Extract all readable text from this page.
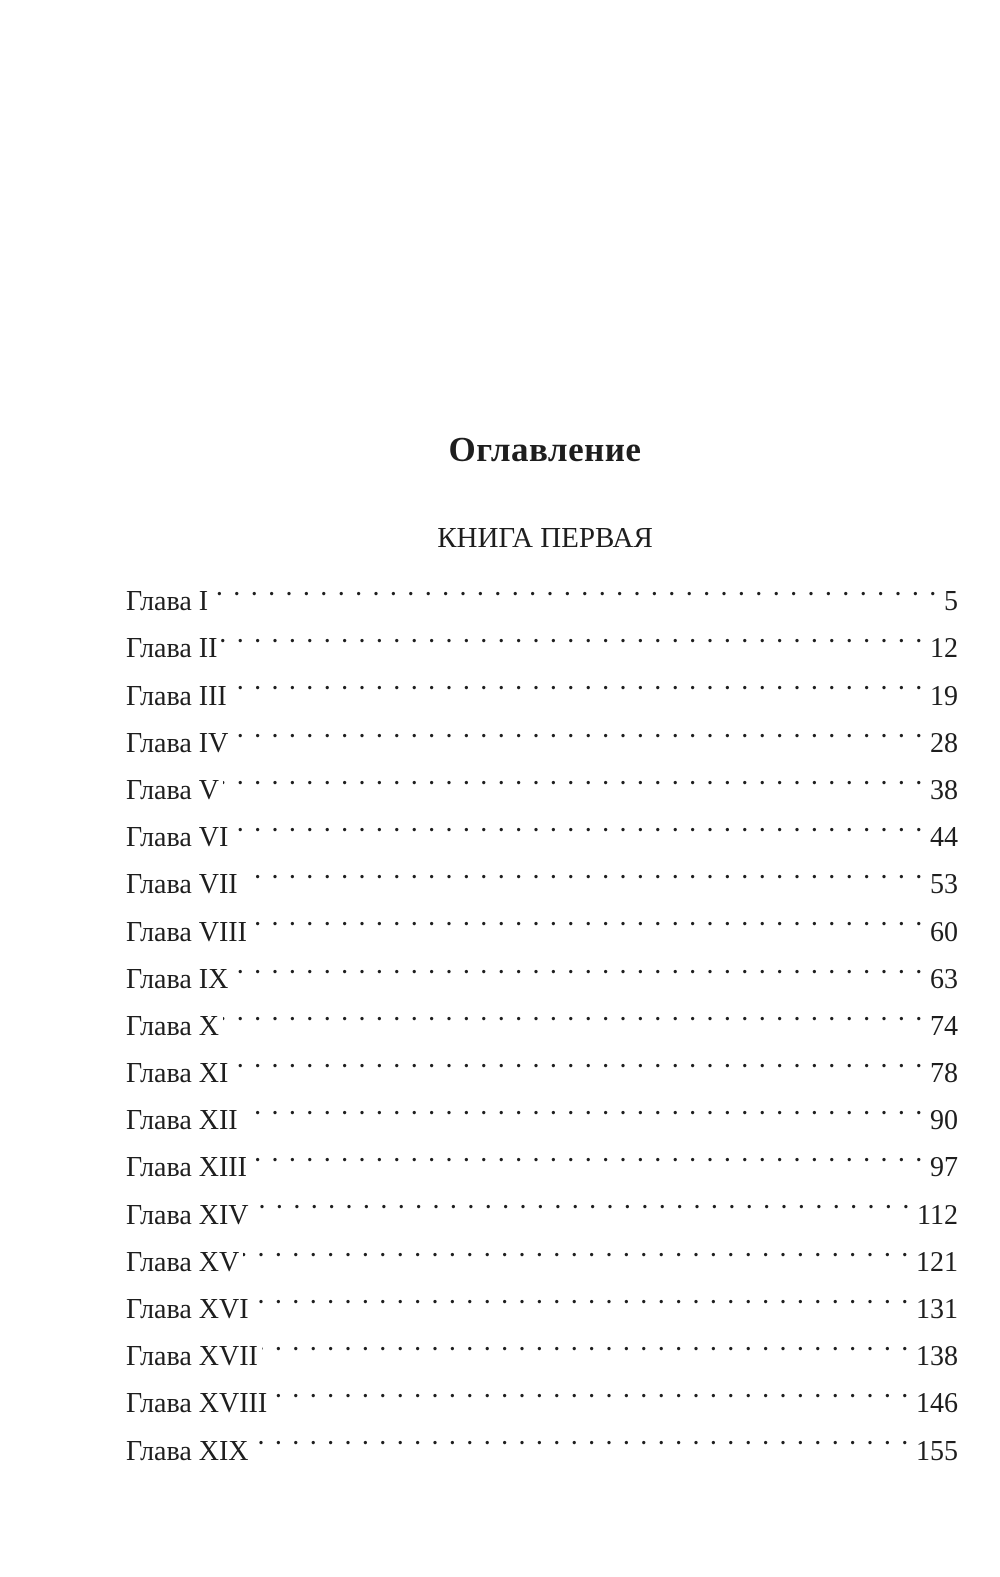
Оглавление
КНИГА ПЕРВАЯ
Глава I . . .	5
Глава II . . .	12
Глава III . . .	19
Глава IV . . .	28
Глава V . . .	38
Глава VI . . .	44
Глава VII . . .	53
Глава VIII . . .	60
Глава IX . . .	63
Глава X . . .	74
Глава XI . . .	78
Глава XII . . .	90
Глава XIII . . .	97
Глава XIV . . .	112
Глава XV . . .	121
Глава XVI . . .	131
Глава XVII . . .	138
Глава XVIII . . .	146
Глава XIX . . .	155
